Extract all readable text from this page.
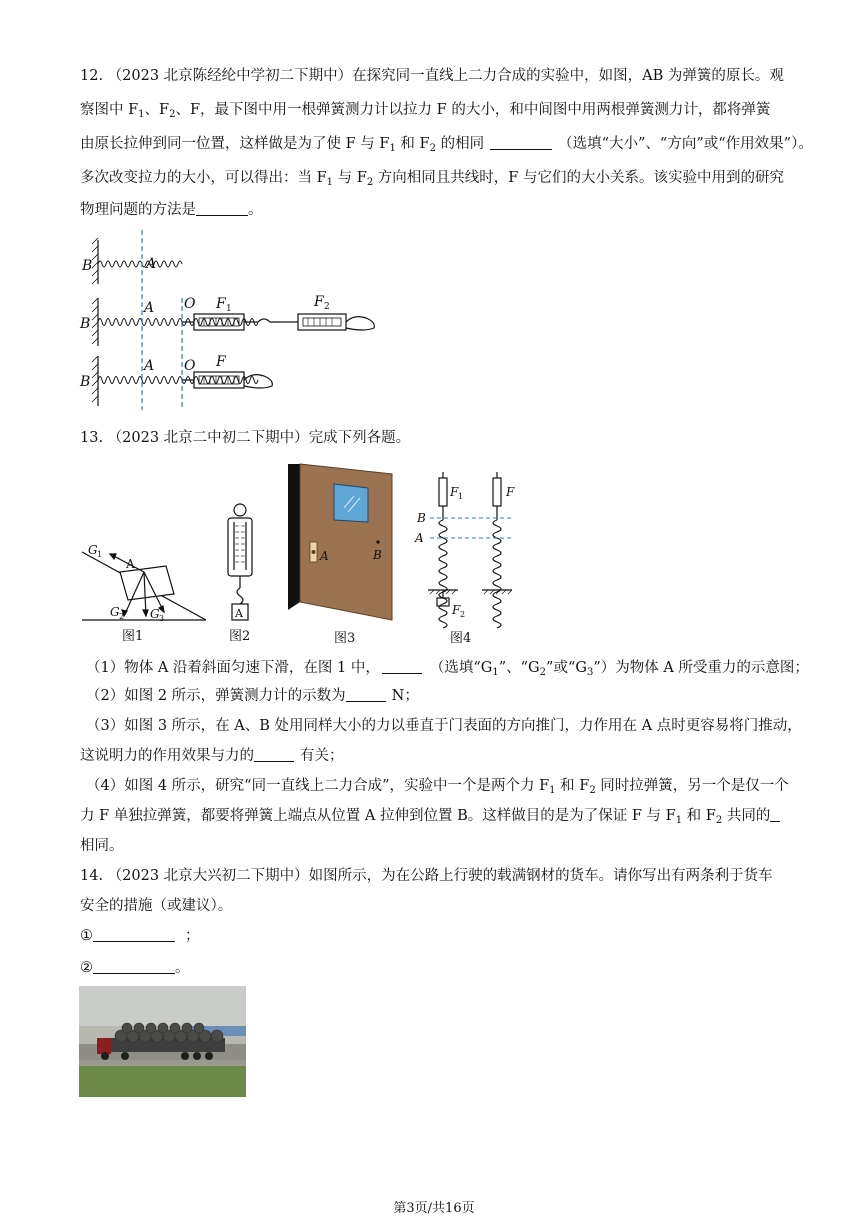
12. （2023 北京陈经纶中学初二下期中）在探究同一直线上二力合成的实验中，如图，AB 为弹簧的原长。观
察图中 $F_1$、$F_2$、F，最下图中用一根弹簧测力计以拉力 F 的大小，和中间图中用两根弹簧测力计，都将弹簧
由原长拉伸到同一位置，这样做是为了使 F 与 $F_1$ 和 $F_2$ 的相同	（选填“大小”、“方向”或“作用效果”）。
多次改变拉力的大小，可以得出：当 $F_1$ 与 $F_2$ 方向相同且共线时，F 与它们的大小关系。该实验中用到的研究
物理问题的方法是	。
B	A
B
A O F 1	F 2
B
A O F
13. （2023 北京二中初二下期中）完成下列各题。
G 1
A
G 2 G 3
图1
A
图2
A	B
图3
F 1	F
B
A
F 2
图4
（1）物体 A 沿着斜面匀速下滑，在图 1 中，	（选填“$G_1$”、“$G_2$”或“$G_3$”）为物体 A 所受重力的示意图；
（2）如图 2 所示，弹簧测力计的示数为	N；
（3）如图 3 所示，在 A、B 处用同样大小的力以垂直于门表面的方向推门，力作用在 A 点时更容易将门推动，
这说明力的作用效果与力的	有关；
（4）如图 4 所示，研究“同一直线上二力合成”，实验中一个是两个力 $F_1$ 和 $F_2$ 同时拉弹簧，另一个是仅一个
力 F 单独拉弹簧，都要将弹簧上端点从位置 A 拉伸到位置 B。这样做目的是为了保证 F 与 $F_1$ 和 $F_2$ 共同的
相同。
14. （2023 北京大兴初二下期中）如图所示，为在公路上行驶的载满钢材的货车。请你写出有两条利于货车
安全的措施（或建议）。
①	；
②	。
第3页/共16页
